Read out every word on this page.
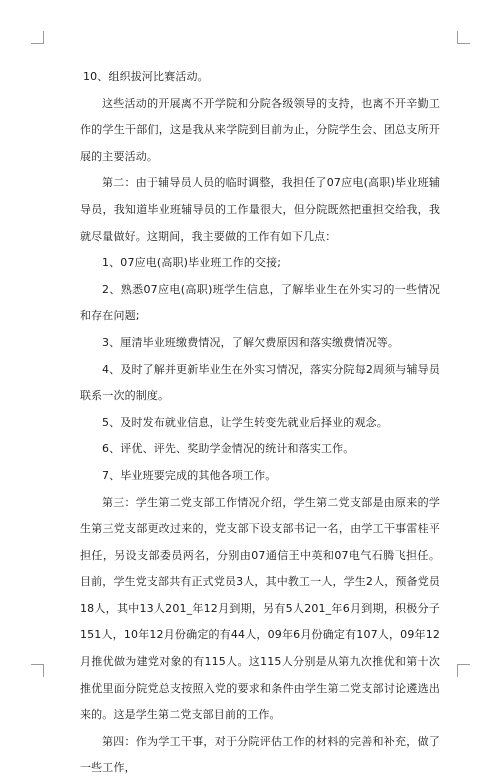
10、组织拔河比赛活动。

这些活动的开展离不开学院和分院各级领导的支持，也离不开辛勤工作的学生干部们，这是我从来学院到目前为止，分院学生会、团总支所开展的主要活动。

第二：由于辅导员人员的临时调整，我担任了07应电(高职)毕业班辅导员，我知道毕业班辅导员的工作量很大，但分院既然把重担交给我，我就尽量做好。这期间，我主要做的工作有如下几点：

1、07应电(高职)毕业班工作的交接;

2、熟悉07应电(高职)班学生信息，了解毕业生在外实习的一些情况和存在问题;

3、厘清毕业班缴费情况，了解欠费原因和落实缴费情况等。

4、及时了解并更新毕业生在外实习情况，落实分院每2周须与辅导员联系一次的制度。

5、及时发布就业信息，让学生转变先就业后择业的观念。

6、评优、评先、奖助学金情况的统计和落实工作。

7、毕业班要完成的其他各项工作。

第三：学生第二党支部工作情况介绍，学生第二党支部是由原来的学生第三党支部更改过来的，党支部下设支部书记一名，由学工干事雷桂平担任，另设支部委员两名，分别由07通信王中英和07电气石腾飞担任。目前，学生党支部共有正式党员3人，其中教工一人，学生2人，预备党员18人，其中13人201_年12月到期，另有5人201_年6月到期，积极分子151人，10年12月份确定的有44人，09年6月份确定有107人，09年12月推优做为建党对象的有115人。这115人分别是从第九次推优和第十次推优里面分院党总支按照入党的要求和条件由学生第二党支部讨论遴选出来的。这是学生第二党支部目前的工作。

第四：作为学工干事，对于分院评估工作的材料的完善和补充，做了一些工作，
